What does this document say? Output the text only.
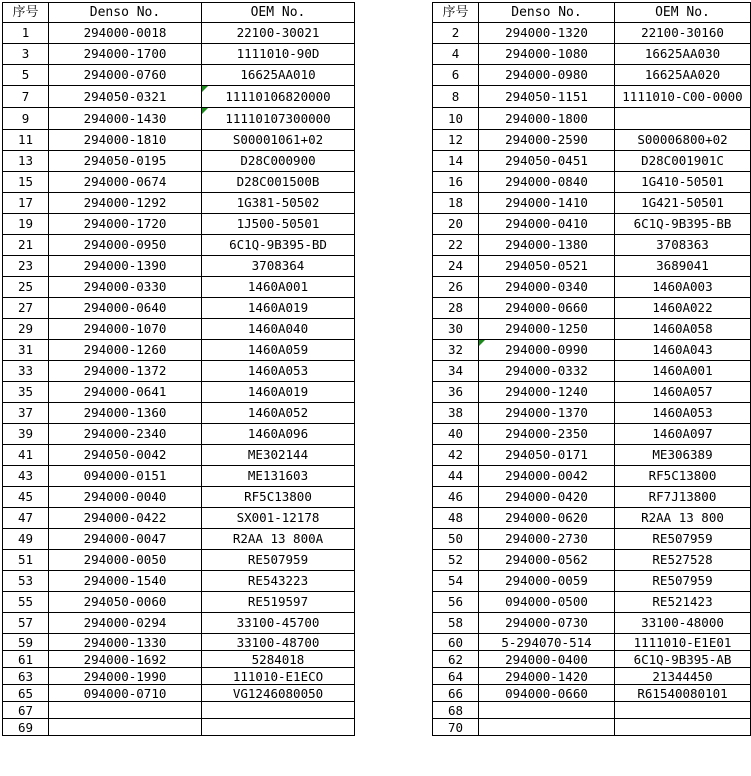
序号	Denso No.	OEM No.
1	294000-0018	22100-30021
3	294000-1700	1111010-90D
5	294000-0760	16625AA010
7	294050-0321	11110106820000
9	294000-1430	11110107300000
11	294000-1810	S00001061+02
13	294050-0195	D28C000900
15	294000-0674	D28C001500B
17	294000-1292	1G381-50502
19	294000-1720	1J500-50501
21	294000-0950	6C1Q-9B395-BD
23	294000-1390	3708364
25	294000-0330	1460A001
27	294000-0640	1460A019
29	294000-1070	1460A040
31	294000-1260	1460A059
33	294000-1372	1460A053
35	294000-0641	1460A019
37	294000-1360	1460A052
39	294000-2340	1460A096
41	294050-0042	ME302144
43	094000-0151	ME131603
45	294000-0040	RF5C13800
47	294000-0422	SX001-12178
49	294000-0047	R2AA 13 800A
51	294000-0050	RE507959
53	294000-1540	RE543223
55	294050-0060	RE519597
57	294000-0294	33100-45700
59	294000-1330	33100-48700
61	294000-1692	5284018
63	294000-1990	111010-E1ECO
65	094000-0710	VG1246080050
67		
69		
序号	Denso No.	OEM No.
2	294000-1320	22100-30160
4	294000-1080	16625AA030
6	294000-0980	16625AA020
8	294050-1151	1111010-C00-0000
10	294000-1800	
12	294000-2590	S00006800+02
14	294050-0451	D28C001901C
16	294000-0840	1G410-50501
18	294000-1410	1G421-50501
20	294000-0410	6C1Q-9B395-BB
22	294000-1380	3708363
24	294050-0521	3689041
26	294000-0340	1460A003
28	294000-0660	1460A022
30	294000-1250	1460A058
32	294000-0990	1460A043
34	294000-0332	1460A001
36	294000-1240	1460A057
38	294000-1370	1460A053
40	294000-2350	1460A097
42	294050-0171	ME306389
44	294000-0042	RF5C13800
46	294000-0420	RF7J13800
48	294000-0620	R2AA 13 800
50	294000-2730	RE507959
52	294000-0562	RE527528
54	294000-0059	RE507959
56	094000-0500	RE521423
58	294000-0730	33100-48000
60	5-294070-514	1111010-E1E01
62	294000-0400	6C1Q-9B395-AB
64	294000-1420	21344450
66	094000-0660	R61540080101
68		
70		
